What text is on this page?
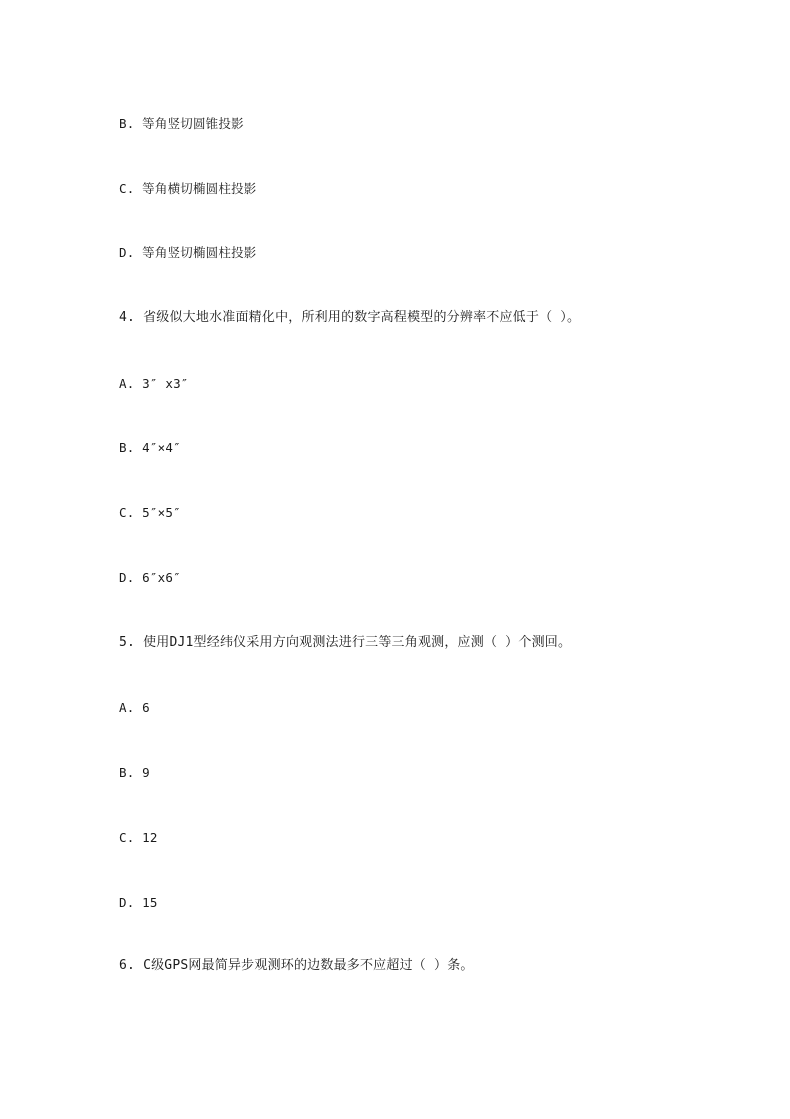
B. 等角竖切圆锥投影
C. 等角横切椭圆柱投影
D. 等角竖切椭圆柱投影
4. 省级似大地水准面精化中，所利用的数字高程模型的分辨率不应低于（ ）。
A. 3″ x3″
B. 4″×4″
C. 5″×5″
D. 6″x6″
5. 使用DJ1型经纬仪采用方向观测法进行三等三角观测，应测（ ）个测回。
A. 6
B. 9
C. 12
D. 15
6. C级GPS网最简异步观测环的边数最多不应超过（ ）条。
